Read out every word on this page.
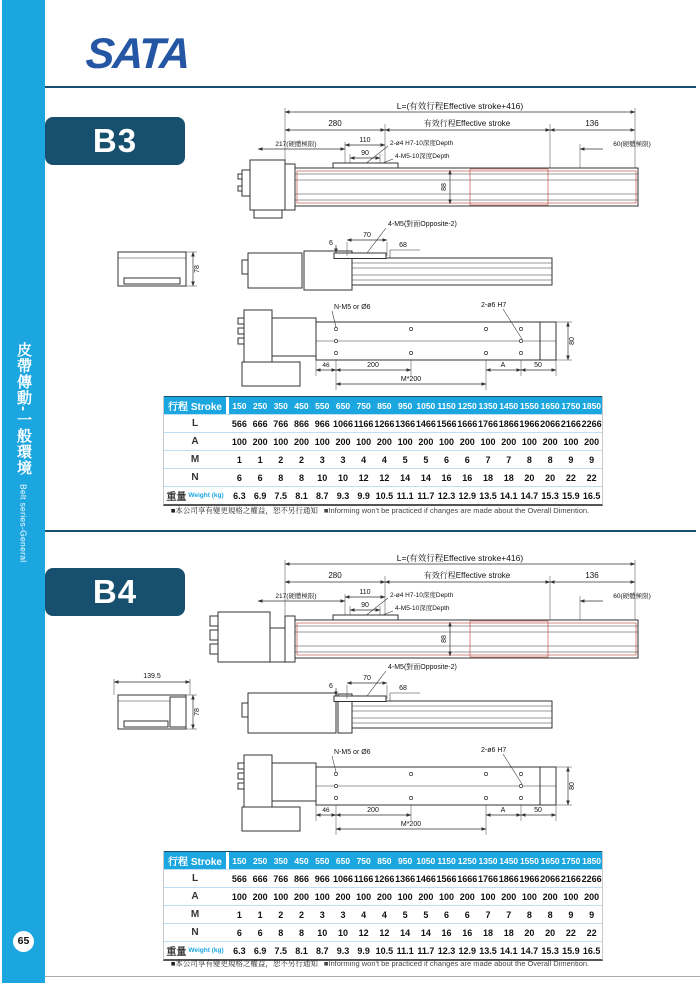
皮帶傳動-一般環境
Belt series-General
65
SATA
B3
L=(有效行程Effective stroke+416)
280	有效行程Effective stroke	136
217(硬體極限)
110
90
2-ø4 H7-10深度Depth
4-M5-10深度Depth
60(硬體極限)
88
78
6
70
68
4-M5(對面Opposite-2)
N-M5 or Ø6	2-ø6 H7
80
46	200	A	50
M*200
行程 Stroke	150 250 350 450 550 650 750 850 950 1050 1150 1250 1350 1450 1550 1650 1750 1850
L	566 666 766 866 966 1066 1166 1266 1366 1466 1566 1666 1766 1866 1966 2066 2166 2266
A	100 200 100 200 100 200 100 200 100 200 100 200 100 200 100 200 100 200
M	1	1	2	2	3	3	4	4	5	5	6	6	7	7	8	8	9	9
N	6	6	8	8	10	10	12	12	14	14	16	16	18	18	20	20	22	22
重量 Weight (kg)	6.3 6.9 7.5 8.1 8.7 9.3 9.9 10.5 11.1 11.7 12.3 12.9 13.5 14.1 14.7 15.3 15.9 16.5
■本公司享有變更規格之權益，恕不另行通知 ■Informing won't be practiced if changes are made about the Overall Dimention.
B4
L=(有效行程Effective stroke+416)
280	有效行程Effective stroke	136
217(硬體極限)
110
90
2-ø4 H7-10深度Depth
4-M5-10深度Depth
60(硬體極限)
88
139.5
78
6
70
68
4-M5(對面Opposite-2)
N-M5 or Ø6	2-ø6 H7
80
46	200	A	50
M*200
行程 Stroke	150 250 350 450 550 650 750 850 950 1050 1150 1250 1350 1450 1550 1650 1750 1850
L	566 666 766 866 966 1066 1166 1266 1366 1466 1566 1666 1766 1866 1966 2066 2166 2266
A	100 200 100 200 100 200 100 200 100 200 100 200 100 200 100 200 100 200
M	1	1	2	2	3	3	4	4	5	5	6	6	7	7	8	8	9	9
N	6	6	8	8	10	10	12	12	14	14	16	16	18	18	20	20	22	22
重量 Weight (kg)	6.3 6.9 7.5 8.1 8.7 9.3 9.9 10.5 11.1 11.7 12.3 12.9 13.5 14.1 14.7 15.3 15.9 16.5
■本公司享有變更規格之權益，恕不另行通知 ■Informing won't be practiced if changes are made about the Overall Dimention.
